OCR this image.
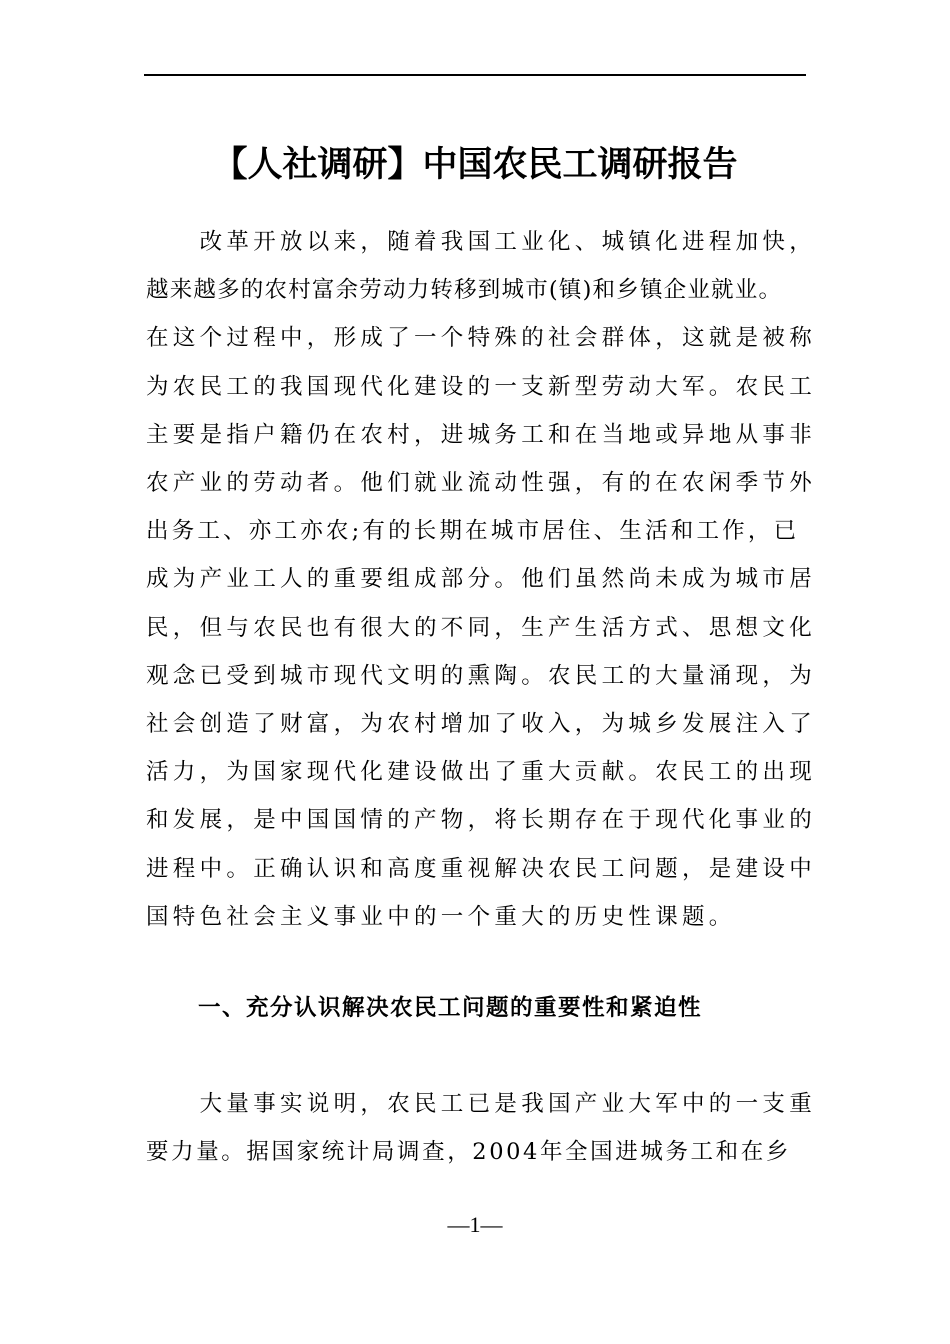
【人社调研】中国农民工调研报告
　　改革开放以来，随着我国工业化、城镇化进程加快，
越来越多的农村富余劳动力转移到城市(镇)和乡镇企业就业。
在这个过程中，形成了一个特殊的社会群体，这就是被称
为农民工的我国现代化建设的一支新型劳动大军。农民工
主要是指户籍仍在农村，进城务工和在当地或异地从事非
农产业的劳动者。他们就业流动性强，有的在农闲季节外
出务工、亦工亦农;有的长期在城市居住、生活和工作，已
成为产业工人的重要组成部分。他们虽然尚未成为城市居
民，但与农民也有很大的不同，生产生活方式、思想文化
观念已受到城市现代文明的熏陶。农民工的大量涌现，为
社会创造了财富，为农村增加了收入，为城乡发展注入了
活力，为国家现代化建设做出了重大贡献。农民工的出现
和发展，是中国国情的产物，将长期存在于现代化事业的
进程中。正确认识和高度重视解决农民工问题，是建设中
国特色社会主义事业中的一个重大的历史性课题。
一、充分认识解决农民工问题的重要性和紧迫性
　　大量事实说明，农民工已是我国产业大军中的一支重
要力量。据国家统计局调查，2004年全国进城务工和在乡
—1—
